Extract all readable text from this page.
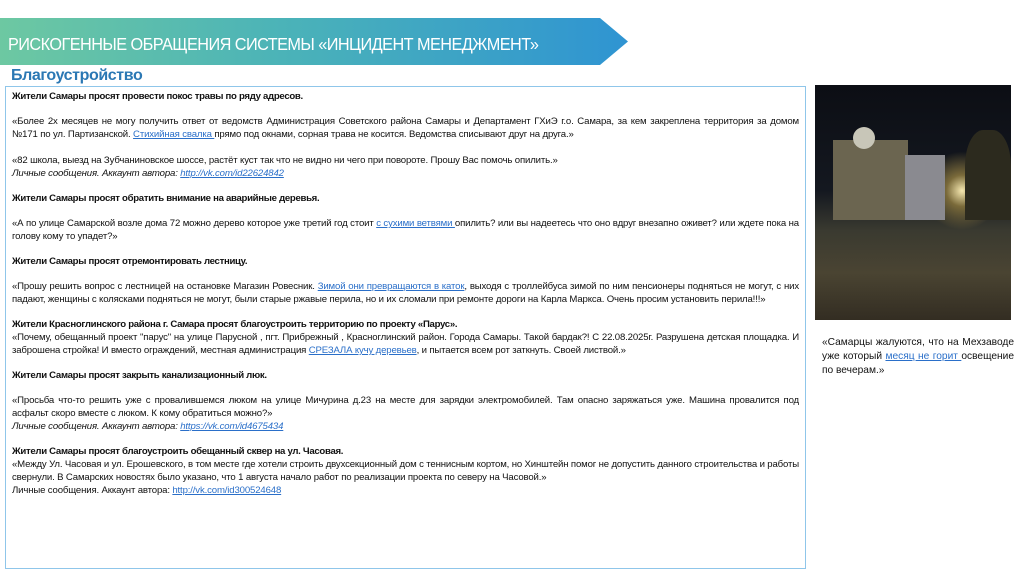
РИСКОГЕННЫЕ ОБРАЩЕНИЯ СИСТЕМЫ «ИНЦИДЕНТ МЕНЕДЖМЕНТ»
Благоустройство
Жители Самары просят провести покос травы по ряду адресов.
«Более 2х месяцев не могу получить ответ от ведомств Администрация Советского района Самары и Департамент ГХиЭ г.о. Самара, за кем закреплена территория за домом №171 по ул. Партизанской. Стихийная свалка прямо под окнами, сорная трава не косится. Ведомства списывают друг на друга.»
«82 школа, выезд на Зубчаниновское шоссе, растёт куст так что не видно ни чего при повороте. Прошу Вас помочь опилить.»
Личные сообщения. Аккаунт автора: http://vk.com/id22624842
Жители Самары просят обратить внимание на аварийные деревья.
«А по улице Самарской возле дома 72 можно дерево которое уже третий год стоит с сухими ветвями опилить? или вы надеетесь что оно вдруг внезапно оживет? или ждете пока на голову кому то упадет?»
Жители Самары просят отремонтировать лестницу.
«Прошу решить вопрос с лестницей на остановке Магазин Ровесник. Зимой они превращаются в каток, выходя с троллейбуса зимой по ним пенсионеры подняться не могут, с них падают, женщины с колясками подняться не могут, были старые ржавые перила, но и их сломали при ремонте дороги на Карла Маркса. Очень просим установить перила!!!»
Жители Красноглинского района г. Самара просят благоустроить территорию по проекту «Парус».
«Почему, обещанный проект "парус" на улице Парусной , пгт. Прибрежный , Красноглинский район. Города Самары. Такой бардак?! С 22.08.2025г. Разрушена детская площадка. И заброшена стройка! И вместо ограждений, местная администрация СРЕЗАЛА кучу деревьев, и пытается всем рот заткнуть. Своей листвой.»
Жители Самары просят закрыть канализационный люк.
«Просьба что-то решить уже с провалившемся люком на улице Мичурина д.23 на месте для зарядки электромобилей. Там опасно заряжаться уже. Машина провалится под асфальт скоро вместе с люком. К кому обратиться можно?»
Личные сообщения. Аккаунт автора: https://vk.com/id4675434
Жители Самары просят благоустроить обещанный сквер на ул. Часовая.
«Между Ул. Часовая и ул. Ерошевского, в том месте где хотели строить двухсекционный дом с теннисным кортом, но Хинштейн помог не допустить данного строительства и работы свернули. В Самарских новостях было указано, что 1 августа начало работ по реализации проекта по северу на Часовой.»
Личные сообщения. Аккаунт автора: http://vk.com/id300524648
«Самарцы жалуются, что на Мехзаводе уже который месяц не горит освещение по вечерам.»
